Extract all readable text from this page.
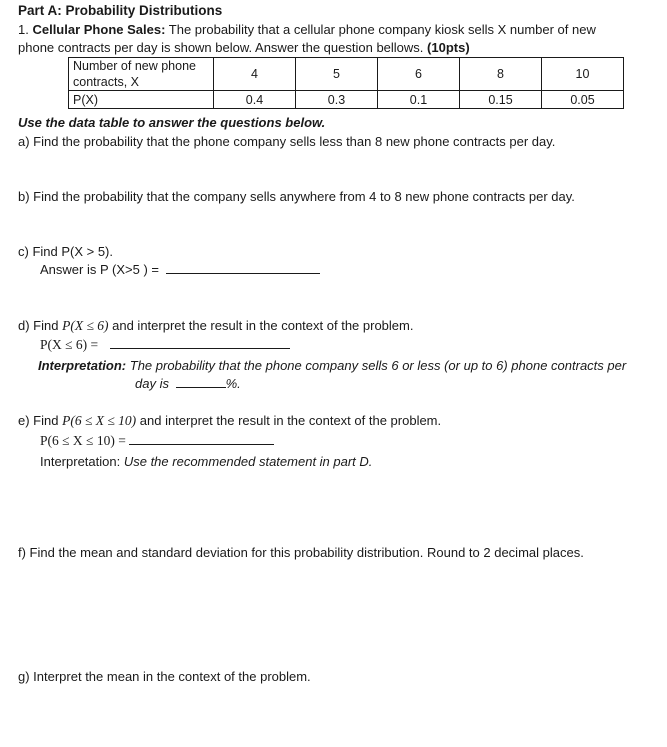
Part A: Probability Distributions
1. Cellular Phone Sales: The probability that a cellular phone company kiosk sells X number of new
phone contracts per day is shown below. Answer the question bellows. (10pts)
Number of new phone contracts, X	4	5	6	8	10
P(X)	0.4	0.3	0.1	0.15	0.05
Use the data table to answer the questions below.
a) Find the probability that the phone company sells less than 8 new phone contracts per day.
b) Find the probability that the company sells anywhere from 4 to 8 new phone contracts per day.
c) Find P(X > 5).
Answer is P (X>5 ) =
d) Find P(X ≤ 6) and interpret the result in the context of the problem.
P(X ≤ 6) =
Interpretation: The probability that the phone company sells 6 or less (or up to 6) phone contracts per
day is	%.
e) Find P(6 ≤ X ≤ 10) and interpret the result in the context of the problem.
P(6 ≤ X ≤ 10) =
Interpretation: Use the recommended statement in part D.
f) Find the mean and standard deviation for this probability distribution. Round to 2 decimal places.
g) Interpret the mean in the context of the problem.
